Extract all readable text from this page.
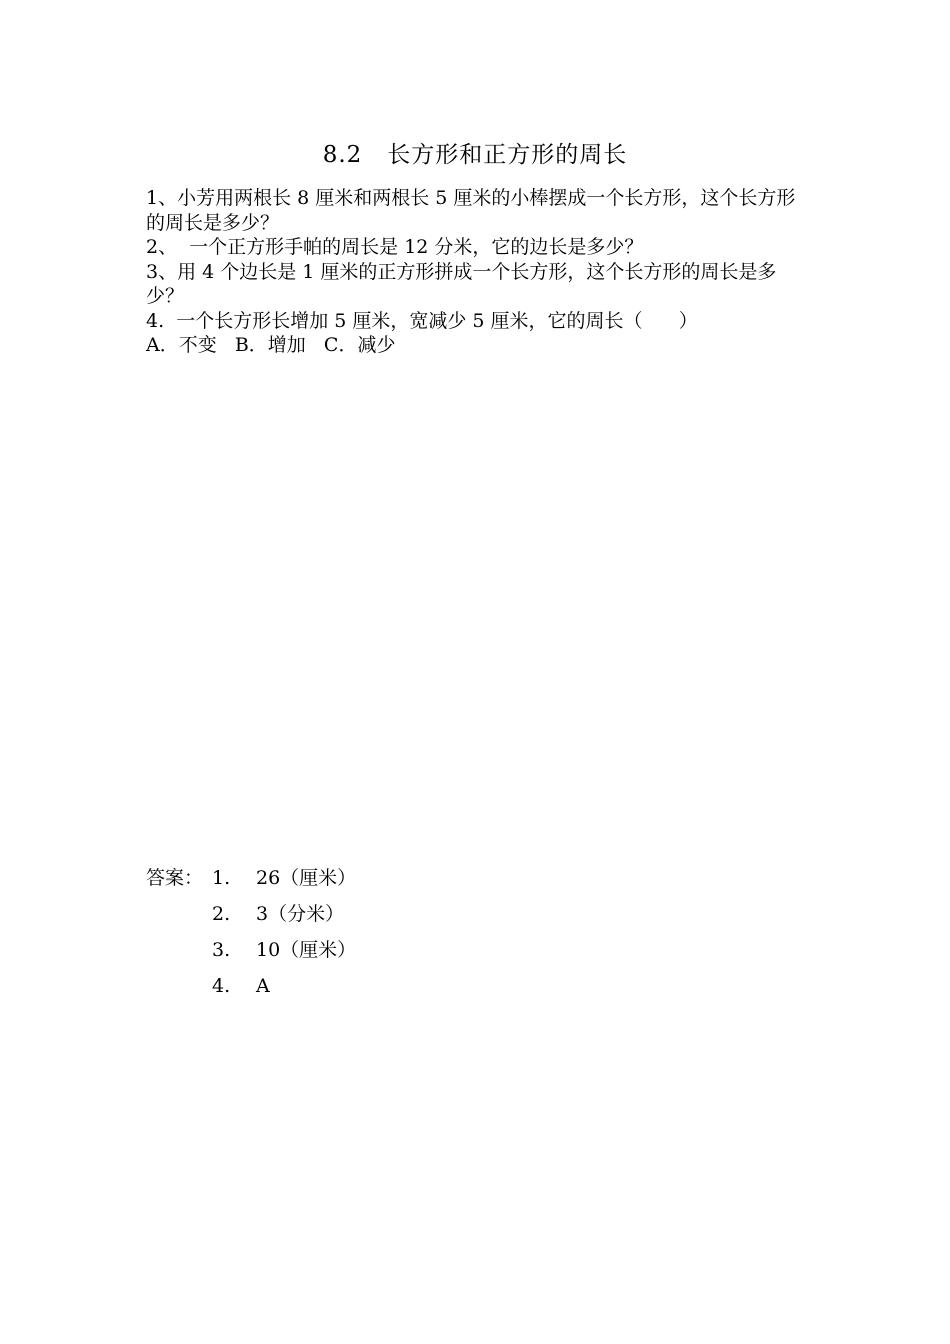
8.2   长方形和正方形的周长

1、小芳用两根长 8 厘米和两根长 5 厘米的小棒摆成一个长方形，这个长方形的周长是多少？

2、  一个正方形手帕的周长是 12 分米，它的边长是多少？

3、用 4 个边长是 1 厘米的正方形拼成一个长方形，这个长方形的周长是多少？

4.  一个长方形长增加 5 厘米，宽减少 5 厘米，它的周长（      ）

A．不变   B．增加   C．减少

答案：

1.

26（厘米）

2.

3（分米）

3.

10（厘米）

4.

A
